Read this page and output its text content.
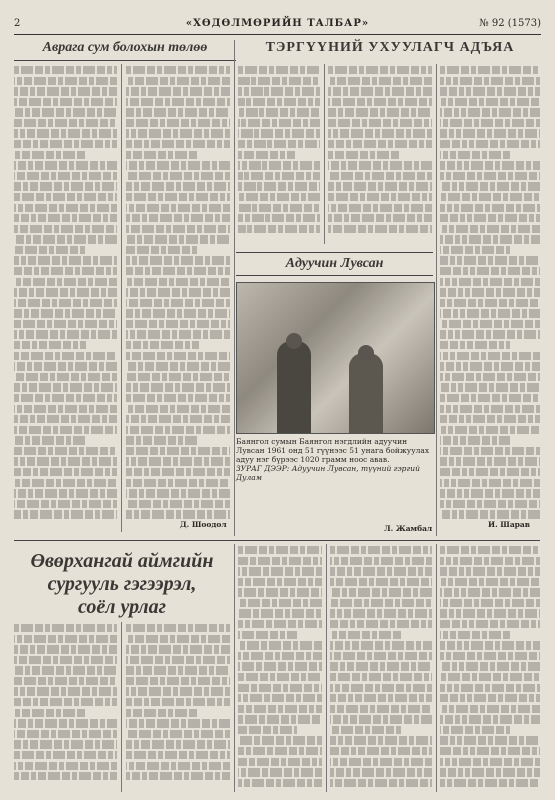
2	«ХӨДӨЛМӨРИЙН ТАЛБАР»	№ 92 (1573)
Аврага сум болохын төлөө	ТЭРГҮҮНИЙ УХУУЛАГЧ АДЪЯА
Адуучин Лувсан
Д. Шоодол	И. Шарав
Баянгол сумын Баянгол нэгдлийн адуучин Лувсан 1961 онд 51 гүүнээс 51 унага бойжуулах адуу нэг бүрээс 1020 грамм ноос авав.
ЗУРАГ ДЭЭР: Адуучин Лувсан, түүний гэргий Дулам
Л. Жамбал
Өвөрхангай аймгийн
сургууль гэгээрэл,
соёл урлаг
